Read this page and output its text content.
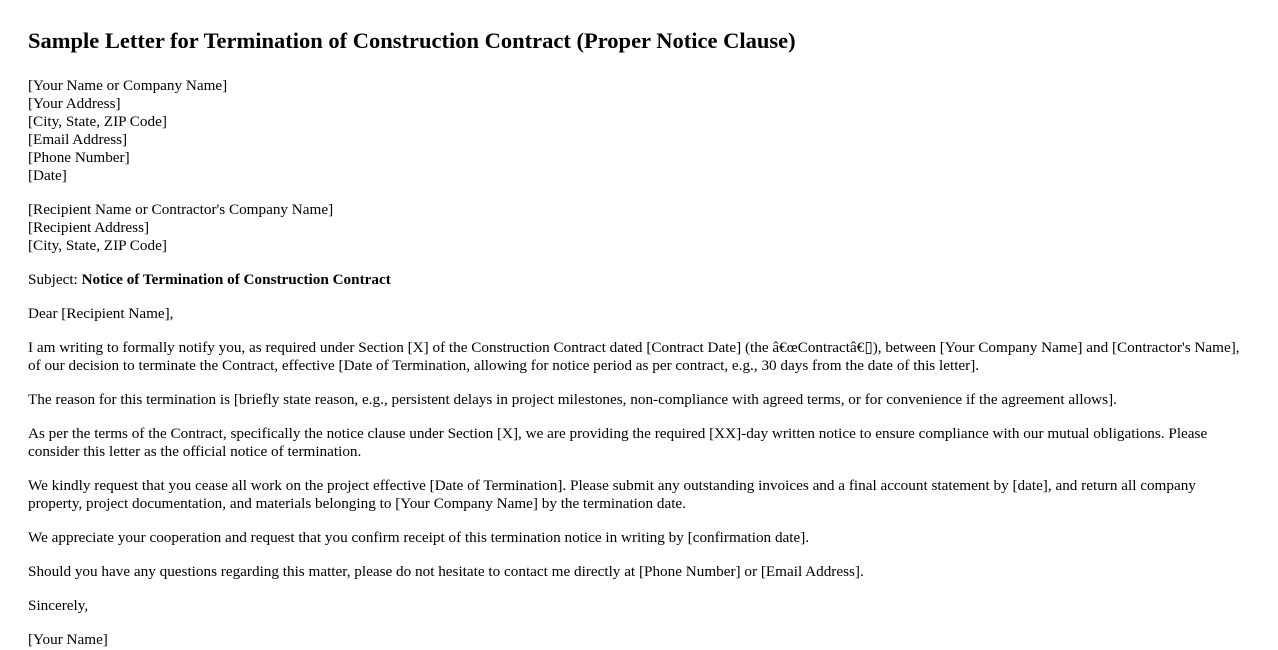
Sample Letter for Termination of Construction Contract (Proper Notice Clause)
[Your Name or Company Name]
[Your Address]
[City, State, ZIP Code]
[Email Address]
[Phone Number]
[Date]
[Recipient Name or Contractor's Company Name]
[Recipient Address]
[City, State, ZIP Code]

Subject: Notice of Termination of Construction Contract

Dear [Recipient Name],

I am writing to formally notify you, as required under Section [X] of the Construction Contract dated [Contract Date] (the â€œContractâ€▯), between [Your Company Name] and [Contractor's Name], of our decision to terminate the Contract, effective [Date of Termination, allowing for notice period as per contract, e.g., 30 days from the date of this letter].

The reason for this termination is [briefly state reason, e.g., persistent delays in project milestones, non-compliance with agreed terms, or for convenience if the agreement allows].

As per the terms of the Contract, specifically the notice clause under Section [X], we are providing the required [XX]-day written notice to ensure compliance with our mutual obligations. Please consider this letter as the official notice of termination.

We kindly request that you cease all work on the project effective [Date of Termination]. Please submit any outstanding invoices and a final account statement by [date], and return all company property, project documentation, and materials belonging to [Your Company Name] by the termination date.

We appreciate your cooperation and request that you confirm receipt of this termination notice in writing by [confirmation date].

Should you have any questions regarding this matter, please do not hesitate to contact me directly at [Phone Number] or [Email Address].

Sincerely,

[Your Name]
